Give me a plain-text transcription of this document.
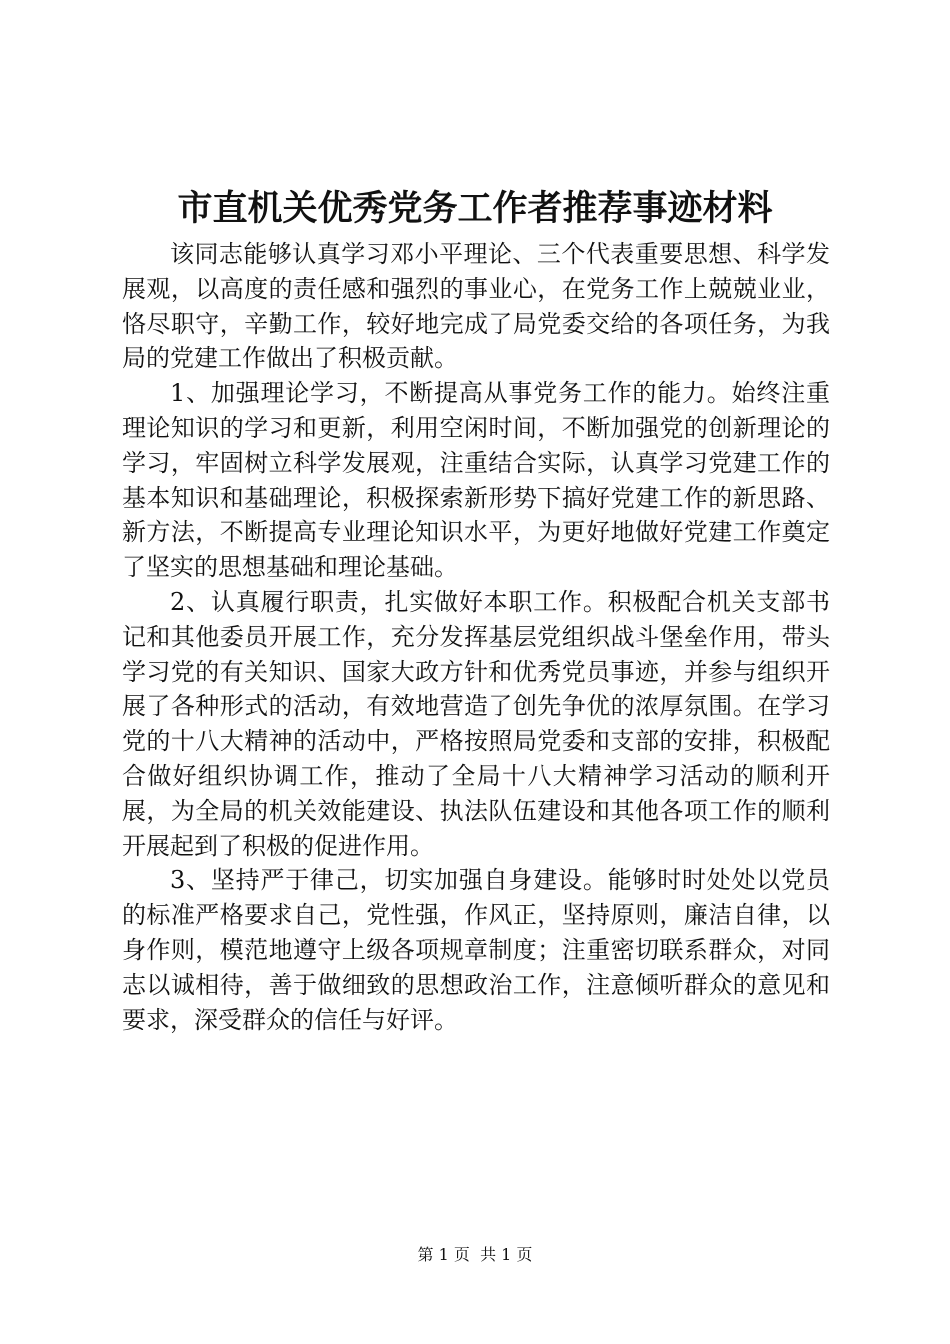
市直机关优秀党务工作者推荐事迹材料

该同志能够认真学习邓小平理论、三个代表重要思想、科学发展观，以高度的责任感和强烈的事业心，在党务工作上兢兢业业，恪尽职守，辛勤工作，较好地完成了局党委交给的各项任务，为我局的党建工作做出了积极贡献。

1、加强理论学习，不断提高从事党务工作的能力。始终注重理论知识的学习和更新，利用空闲时间，不断加强党的创新理论的学习，牢固树立科学发展观，注重结合实际，认真学习党建工作的基本知识和基础理论，积极探索新形势下搞好党建工作的新思路、新方法，不断提高专业理论知识水平，为更好地做好党建工作奠定了坚实的思想基础和理论基础。

2、认真履行职责，扎实做好本职工作。积极配合机关支部书记和其他委员开展工作，充分发挥基层党组织战斗堡垒作用，带头学习党的有关知识、国家大政方针和优秀党员事迹，并参与组织开展了各种形式的活动，有效地营造了创先争优的浓厚氛围。在学习党的十八大精神的活动中，严格按照局党委和支部的安排，积极配合做好组织协调工作，推动了全局十八大精神学习活动的顺利开展，为全局的机关效能建设、执法队伍建设和其他各项工作的顺利开展起到了积极的促进作用。

3、坚持严于律己，切实加强自身建设。能够时时处处以党员的标准严格要求自己，党性强，作风正，坚持原则，廉洁自律，以身作则，模范地遵守上级各项规章制度；注重密切联系群众，对同志以诚相待，善于做细致的思想政治工作，注意倾听群众的意见和要求，深受群众的信任与好评。

第 1 页  共 1 页
